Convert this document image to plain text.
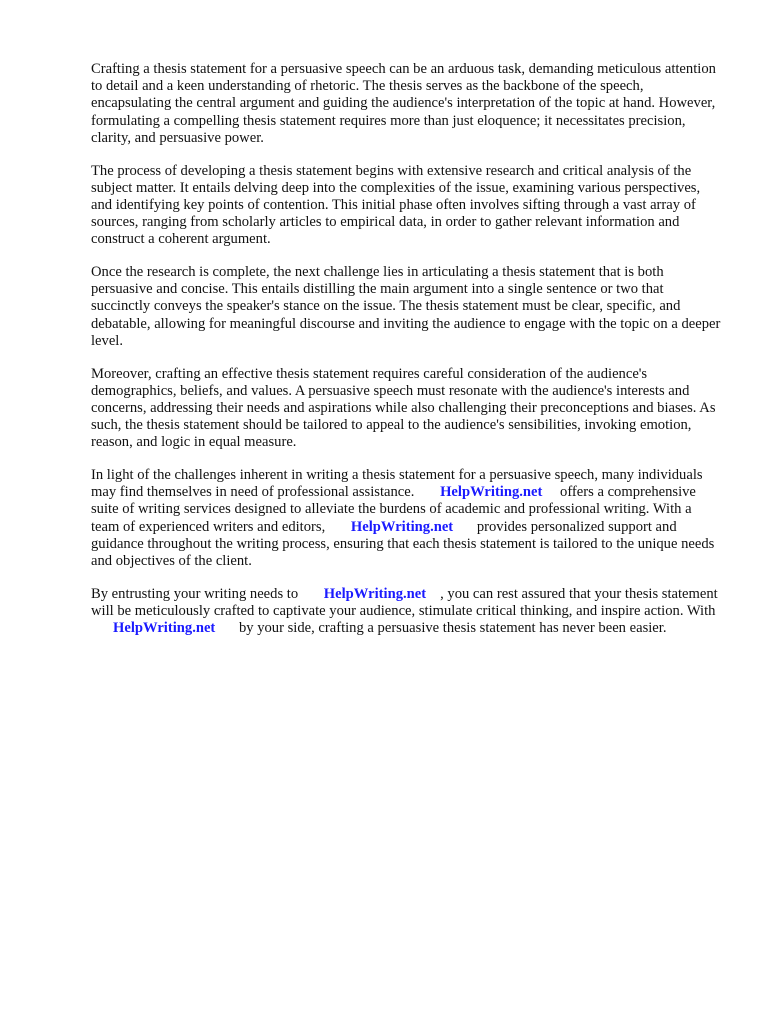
Crafting a thesis statement for a persuasive speech can be an arduous task, demanding meticulous attention to detail and a keen understanding of rhetoric. The thesis serves as the backbone of the speech, encapsulating the central argument and guiding the audience's interpretation of the topic at hand. However, formulating a compelling thesis statement requires more than just eloquence; it necessitates precision, clarity, and persuasive power.

The process of developing a thesis statement begins with extensive research and critical analysis of the subject matter. It entails delving deep into the complexities of the issue, examining various perspectives, and identifying key points of contention. This initial phase often involves sifting through a vast array of sources, ranging from scholarly articles to empirical data, in order to gather relevant information and construct a coherent argument.

Once the research is complete, the next challenge lies in articulating a thesis statement that is both persuasive and concise. This entails distilling the main argument into a single sentence or two that succinctly conveys the speaker's stance on the issue. The thesis statement must be clear, specific, and debatable, allowing for meaningful discourse and inviting the audience to engage with the topic on a deeper level.

Moreover, crafting an effective thesis statement requires careful consideration of the audience's demographics, beliefs, and values. A persuasive speech must resonate with the audience's interests and concerns, addressing their needs and aspirations while also challenging their preconceptions and biases. As such, the thesis statement should be tailored to appeal to the audience's sensibilities, invoking emotion, reason, and logic in equal measure.

In light of the challenges inherent in writing a thesis statement for a persuasive speech, many individuals may find themselves in need of professional assistance. HelpWriting.net offers a comprehensive suite of writing services designed to alleviate the burdens of academic and professional writing. With a team of experienced writers and editors, HelpWriting.net provides personalized support and guidance throughout the writing process, ensuring that each thesis statement is tailored to the unique needs and objectives of the client.

By entrusting your writing needs to HelpWriting.net , you can rest assured that your thesis statement will be meticulously crafted to captivate your audience, stimulate critical thinking, and inspire action. With HelpWriting.net by your side, crafting a persuasive thesis statement has never been easier.
